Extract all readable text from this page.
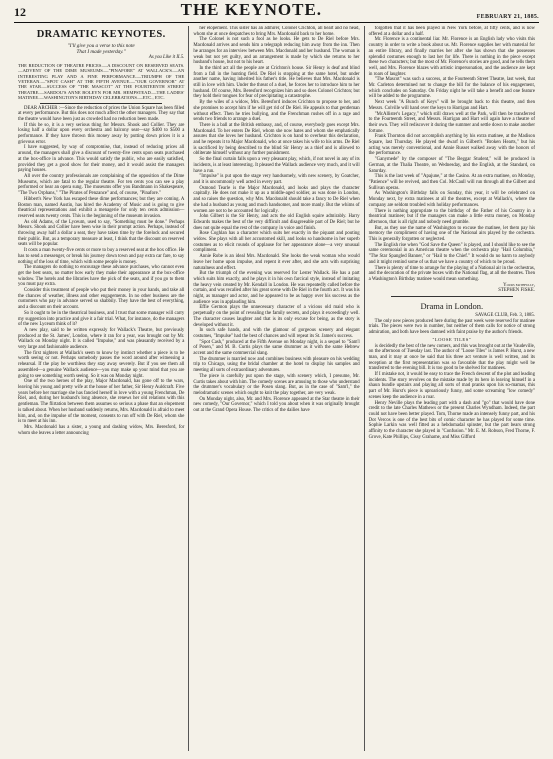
12	THE KEYNOTE.	FEBRUARY 21, 1885.
DRAMATIC KEYNOTES.
"I'll give you a verse to this note
That I made yesterday."
As you Like it II.5.

THE REDUCTION OF THEATRE PRICES.—A DISCOUNT ON RESERVED SEATS.—ADVENT OF THE DIME MUSEUMS.—"PINAFORE" AT WALLACK'S.—AN INTERESTING PLAY AND A FINE PERFORMANCE.—TRIUMPH OF THE VETERAN.—"SPOT CASH" AT THE FIFTH AVENUE.—"OUR GOVERNOR" AT THE STAR.—SUCCESS OF "THE MASCOT" AT THE FOURTEENTH STREET THEATRE.—SARDOU'S ANNE BOLEYN FOR MR. HEMPSTEAD.—THE LADIES' MATINEE.—WASHINGTON'S BIRTHDAY CELEBRATIONS.—ETC., ETC.

DEAR ARCHER :—Since the reduction of prices the Union Square has been filled at every performance. But this does not much affect the other managers. They say that the theatre would have been just as crowded had no reduction been made.

If this be so, it is a very serious thing for Messrs. Shook and Collier. They are losing half a dollar upon every orchestra and balcony seat—say $400 to $500 a performance. If they have thrown this money away by putting down prices it is a grievous error.

I have suggested, by way of compromise, that, instead of reducing prices all around, the managers shall give a discount of twenty-five cents upon seats purchased at the box-office in advance. This would satisfy the public, who are easily satisfied, provided they get a good show for their money, and it would assist the managers paying houses.

All over the country professionals are complaining of the opposition of the Dime Museums, which are fatal to the regular theatre. For ten cents you can see a play performed or hear an opera sung. The museums offer you Bandmann in Shakespeare, "The Two Orphans," "The Pirates of Penzance" and, of course, "Pinafore."

Hibbert's New York has escaped these dime performances; but they are coming. A Boston man, named Austin, has hired the Academy of Music and is going to give theatrical representations and exhibit a menagerie for only ten cents admission—reserved seats twenty cents. This is the beginning of the museum invasion.

As old Adams, of the Lyceum, used to say, "Something must be done." Perhaps Messrs. Shook and Collier have been wise in their prompt action. Perhaps, instead of throwing away half a dollar a seat, they have taken time by the forelock and secured their public. But, as a temporary measure at least, I think that the discount on reserved seats will be popular.

It costs a man twenty-five cents or more to buy a reserved seat at the box office. He has to send a messenger, or break his journey down town and pay extra car fare, to say nothing of the loss of time, which with some people is money.

The managers do nothing to encourage these advance purchases, who cannot even get the best seats, no matter how early they make their appearance at the box-office window. The hotels and the libraries have the pick of the seats, and if you go to them you must pay extra.

Consider this treatment of people who put their money in your hands, and take all the chances of weather, illness and other engagements. In no other business are the customers who pay in advance served so shabbily. They have the best of everything, and a discount on their account.

So it ought to be in the theatrical business, and I trust that some manager will carry my suggestion into practice and give it a fair trial. What, for instance, do the managers of the new Lyceum think of it?

A new play, said to be written expressly for Wallack's Theatre, but previously produced at the St. James', London, where it ran for a year, was brought out by Mr. Wallack on Monday night. It is called "Impulse," and was pleasantly received by a very large and fashionable audience.

The first nighters at Wallack's seem to know by instinct whether a piece is to be worth seeing or not. Perhaps somebody passes the word around after witnessing a rehearsal. If the play be worthless they stay away severely. But if you see them all assembled—a genuine Wallack audience—you may make up your mind that you are going to see something worth seeing. So it was on Monday night.

One of the two heroes of the play, Major Macdonald, has gone off to the wars, leaving his young and pretty wife at the house of her father, Sir Henry Auldcraft. Five years before her marriage she has fancied herself in love with a young Frenchman, De Riel, and, during her husband's long absence, she renews her old relations with this gentleman. The flirtation between them assumes so serious a phase that an elopement is talked about. When her husband suddenly returns, Mrs. Macdonald is afraid to meet him, and, on the impulse of the moment, consents to run off with De Riel, whom she is to meet at his inn.

Mrs. Macdonald has a sister, a young and dashing widow, Mrs. Beresford, for whom she leaves a letter announcing

her elopement. This sister has an admirer, Colonel Crichton, all heart and no head, whom she at once despatches to bring Mrs. Macdonald back to her home.

The Colonel is not such a fool as he looks. He gets to De Riel before Mrs. Macdonald arrives and sends him a telegraph reducing him away from the inn. Then he arranges for an interview between Mrs. Macdonald and her husband. The woman is weak but not yet guilty, and an arrangement is made by which she returns to her husband's house, but not to his heart.

In the third act all the people are at Crichton's house. Sir Henry is deaf and blind from a fall in the hunting field. De Riel is stopping at the same hotel, but under another name, having inherited his father's title. He believes that Mrs. Macdonald is still in love with him. Under the threat of a duel, he forces her to introduce him to her husband. Of course, Mrs. Beresford recognizes him and so does Colonel Crichton; but they hold their tongues for fear of precipitating a catastrophe.

By the wiles of a widow, Mrs. Beresford induces Crichton to propose to her, and she promises to accept him if he will get rid of De Riel. He appeals to that gentleman without effect. Then he tries bullying, and the Frenchman rushes off in a rage and sends two friends to arrange a duel.

There is a ball at the British embassy, and, of course, everybody goes except Mrs. Macdonald. To her enters De Riel, whom she now hates and whom she emphatically assures that she loves her husband. Crichton is on hand to overhear this declaration, and he repeats it to Major Macdonald, who at once takes his wife to his arms. De Riel is sacrificed by being described to the blind Sir Henry as a thief and is allowed to obliterate himself without any further punishment.

So the final curtain falls upon a very pleasant play, which, if not novel in any of its incidents, is at least interesting. It pleased the Wallack audience very much, and it will have a run.

"Impulse" is put upon the stage very handsomely, with new scenery, by Goatcher, and it is uncommonly well acted in every part.

Osmond Tearle is the Major Macdonald, and looks and plays the character capitally. He does not make it up as a middle-aged soldier, as was done in London, and so raises the question, why Mrs. Macdonald should take a fancy to De Riel when she had a husband as young and much handsomer, and more manly. But the whims of women are not to be accounted for logically.

John Gilbert is the Sir Henry, and acts the old English squire admirably. Harry Edwards makes the best of the very difficult and disagreeable part of De Riel; but he does not quite equal the rest of the company in voice and finish.

Rose Coghlan has a character which suits her exactly in the piquant and pouting widow. She plays with all her accustomed skill, and looks so handsome in her superb costumes as to elicit rounds of applause for her appearance alone—a very unusual compliment.

Annie Robe is an ideal Mrs. Macdonald. She looks the weak woman who would leave her home upon impulse, and repent it ever after, and she acts with surprising naturalness and effect.

But the triumph of the evening was reserved for Lester Wallack. He has a part which suits him exactly, and he plays it in his own farcical style, instead of imitating the heavy vein created by Mr. Kendall in London. He was repeatedly called before the curtain, and was recalled after his great scene with De Riel in the fourth act. It was his night, as manager and actor, and he appeared to be as happy over his success as the audience was in applauding him.

Effie Germon plays the unnecessary character of a vicious old maid who is perpetually on the point of revealing the family secrets, and plays it exceedingly well. The character causes laughter and that is its only excuse for being, as the story is developed without it.

In such safe hands, and with the glamour of gorgeous scenery and elegant costumes, "Impulse" had the best of chances and will repeat its St. James's success.

"Spot Cash," produced at the Fifth Avenue on Monday night, is a sequel to "Sam'l of Posen," and M. B. Curtis plays the same drummer as it with the same Hebrew accent and the same commercial slang.

The drummer is married now and combines business with pleasure on his wedding trip to Chicago, using the bridal chamber at the hotel to display his samples and meeting all sorts of extraordinary adventures.

The piece is carefully put upon the stage, with scenery which, I presume, Mr. Curtis takes about with him. The comedy scenes are amusing to those who understand the drummer's vocabulary or the Posen slang. But, as in the case of "Sam'l," the melodramatic scenes which ought to knit the play together, are very weak.

On Monday night, also, Mr. and Mrs. Florence appeared at the Star theatre in their new comedy, "Our Governor," which I told you about when it was originally brought out at the Grand Opera House. The critics of the dailies have

forgotten that it has been played in New York before, at fifty cents, and is now offered at a dollar and a half.

Mr. Florence is a continental liar. Mr. Florence is an English lady who visits this country in order to write a book about us. Mr. Florence supplies her with material for an entire library, and finally marries her after she has shown that she possesses splendid costumes enough to last her for life. There is nothing in the piece except these two characters; but the most of Mr. Florence's stories are good, and he tells them well, and Mrs. Florence blazes with artistic impersonation, and the audience are kept in roars of laughter.

"The Mascot" was such a success, at the Fourteenth Street Theatre, last week, that Mr. Carleton determined not to change the bill for the balance of his engagement, which concludes on Saturday. On Friday night he will take a benefit and one feature will be added to the programme.

Next week "A Bunch of Keys" will be brought back to this theatre, and then Messrs. Colville will hand over the keys to Harrigan and Hart.

"McAllister's Legacy," which still draws well at the Park, will then be transferred to the Fourteenth Street, and Messrs. Harrigan and Hart will again have a theatre of their own. They will rediscover it during the summer and settle down to make another fortune.

Frank Thornton did not accomplish anything by his extra matinee, at the Madison Square, last Thursday. He played the dwarf in Gilbert's "Broken Hearts," but his acting was merely conventional, and Annie Russet walked away with the honors of the performance.

"Ganymede" by the composer of "The Beggar Student," will be produced in German, at the Thalia Theatre, on Wednesday, and the English, at the Standard, on Saturday.

This is the last week of "Apajune," at the Casino. At an extra matinee, on Monday, "Patience" will be revived, and then Col. McCaull will run through all the Gilbert and Sullivan operas.

As Washington's Birthday falls on Sunday, this year, it will be celebrated on Monday next, by extra matinees at all the theatres, except at Wallack's, where the company are seldom troubled with holiday performances.

There is nothing appropriate to the birthday of the Father of his Country in a theatrical matinee; but if the managers can make a little extra money, on Monday afternoon, that is all right and nobody need grumble.

But, as they use the name of Washington to excuse the matinee, let them pay his memory the compliment of having one of the National airs played by the orchestra. This is generally forgotten or neglected.

The English rise when "God Save the Queen" is played, and I should like to see the same ceremonial in an American theatre when the orchestra play "Hail Columbia," "The Star Spangled Banner," or "Hail to the Chief." It would do no harm to anybody and it might remind some of us that we have a country of which to be proud.

There is plenty of time to arrange for the playing of a National air in the orchestras, and the decoration of the private boxes with the National flag, at all the theatres. Then a Washington's Birthday matinee would mean something.

Yours faithfully,

STEPHEN FISKE.

Drama in London.
SAVAGE CLUB, Feb. 3, 1885.

The only new pieces produced here during the past week were reserved for matinee trials. The pieces were two in number, but neither of them calls for notice of strong admiration, and both have been damned with faint praise by the author's friends.

"LOOSE TILES"

is decidedly the best of the new comers, and this was brought out at the Vaudeville, on the afternoon of Tuesday last. The author of "Loose Tiles" is James P. Hurst, a new man, and it may at once be said that his three act venture is well written, and its reception at the first representation was so favorable that the play might well be transferred to the evening bill. It is too good to be shelved for matinees.

If I mistake not, it would be easy to trace the French descent of the plot and leading incidents. The story revolves on the mistake made by its hero in leaving himself in a shaun bundle upstairs and playing all sorts of mad pranks upon his so-mamas, this part of Mr. Hurst's piece is uproariously funny, and some screaming "low comedy" scenes keep the audience in a roar.

Henry Neville plays the leading part with a dash and "go" that would have done credit to the late Charles Mathews or the present Charles Wyndham. Indeed, the part could not have been better played. Tom, Thorne made an intensely funny part, and his Dot Vercos is one of the best bits of comic character he has played for some time. Sophie Larkin was well fitted as a hebdomadal spinster, but the part bears strong affinity to the character she played in "Confusion." Mr. E. M. Robson, Fred Thorne, F. Grove, Kate Phillips, Cissy Grahame, and Miss Gifford
